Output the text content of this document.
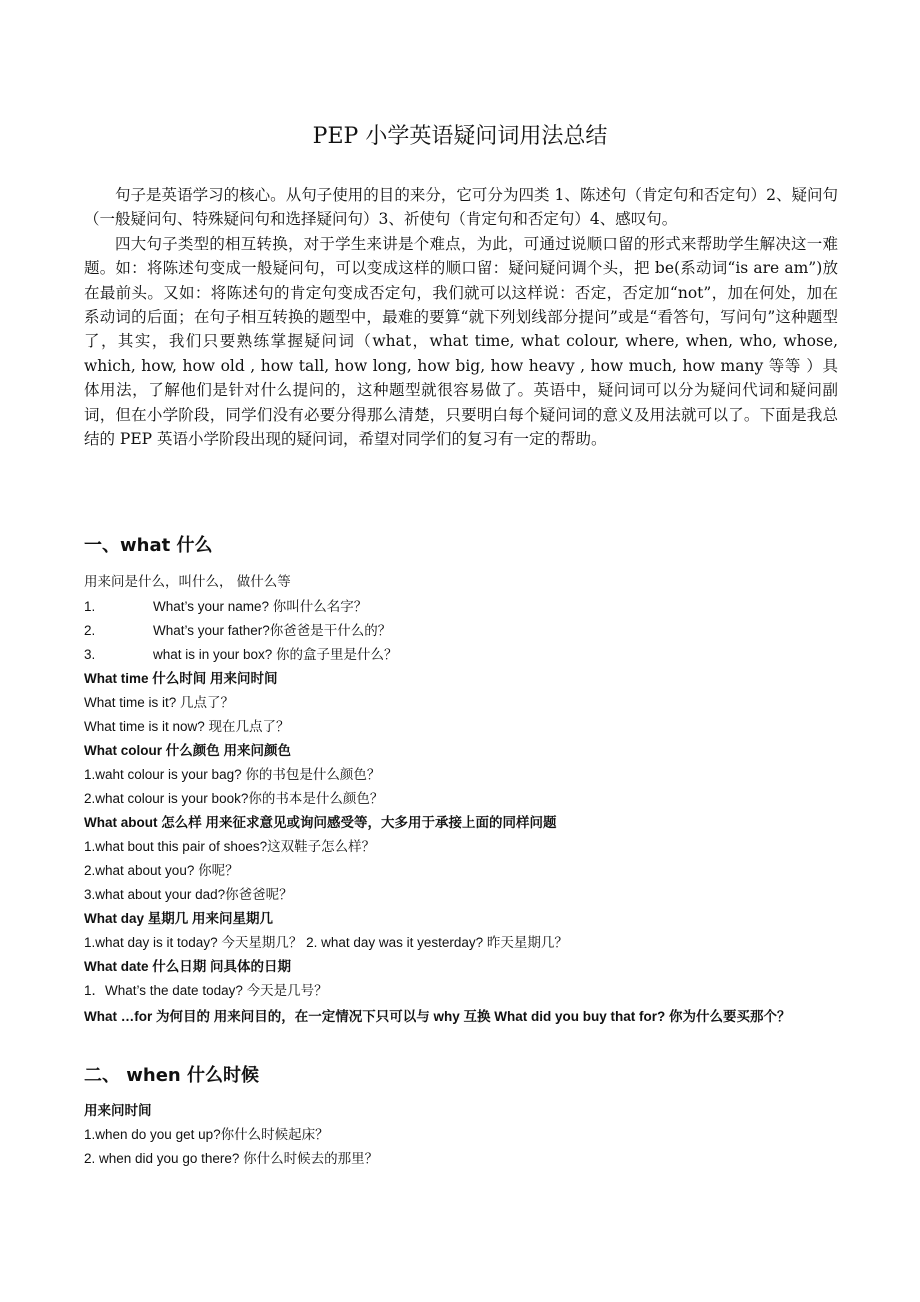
PEP 小学英语疑问词用法总结

句子是英语学习的核心。从句子使用的目的来分，它可分为四类 1、陈述句（肯定句和否定句）2、疑问句（一般疑问句、特殊疑问句和选择疑问句）3、祈使句（肯定句和否定句）4、感叹句。

四大句子类型的相互转换，对于学生来讲是个难点，为此，可通过说顺口留的形式来帮助学生解决这一难题。如：将陈述句变成一般疑问句，可以变成这样的顺口留：疑问疑问调个头，把 be(系动词“is are am”)放在最前头。又如：将陈述句的肯定句变成否定句，我们就可以这样说：否定，否定加“not”，加在何处，加在系动词的后面；在句子相互转换的题型中，最难的要算“就下列划线部分提问”或是“看答句，写问句”这种题型了，其实，我们只要熟练掌握疑问词（what，what time, what colour, where, when, who, whose, which, how, how old , how tall, how long, how big, how heavy , how much, how many 等等 ）具体用法，了解他们是针对什么提问的，这种题型就很容易做了。英语中，疑问词可以分为疑问代词和疑问副词，但在小学阶段，同学们没有必要分得那么清楚，只要明白每个疑问词的意义及用法就可以了。下面是我总结的 PEP 英语小学阶段出现的疑问词，希望对同学们的复习有一定的帮助。

一、what 什么
用来问是什么，叫什么， 做什么等
1.	What’s your name? 你叫什么名字？
2.	What’s your father?你爸爸是干什么的？
3.	what is in your box? 你的盒子里是什么？
What time 什么时间 用来问时间
What time is it? 几点了？
What time is it now? 现在几点了？
What colour 什么颜色 用来问颜色
1.waht colour is your bag? 你的书包是什么颜色？
2.what colour is your book?你的书本是什么颜色？
What about 怎么样 用来征求意见或询问感受等，大多用于承接上面的同样问题
1.what bout this pair of shoes?这双鞋子怎么样？
2.what about you? 你呢？
3.what about your dad?你爸爸呢？
What day 星期几 用来问星期几
1.what day is it today? 今天星期几？ 2. what day was it yesterday? 昨天星期几？
What date 什么日期 问具体的日期
1．What’s the date today? 今天是几号？
What …for 为何目的 用来问目的，在一定情况下只可以与 why 互换 What did you buy that for? 你为什么要买那个？
二、 when 什么时候
用来问时间
1.when do you get up?你什么时候起床？
2. when did you go there? 你什么时候去的那里？
